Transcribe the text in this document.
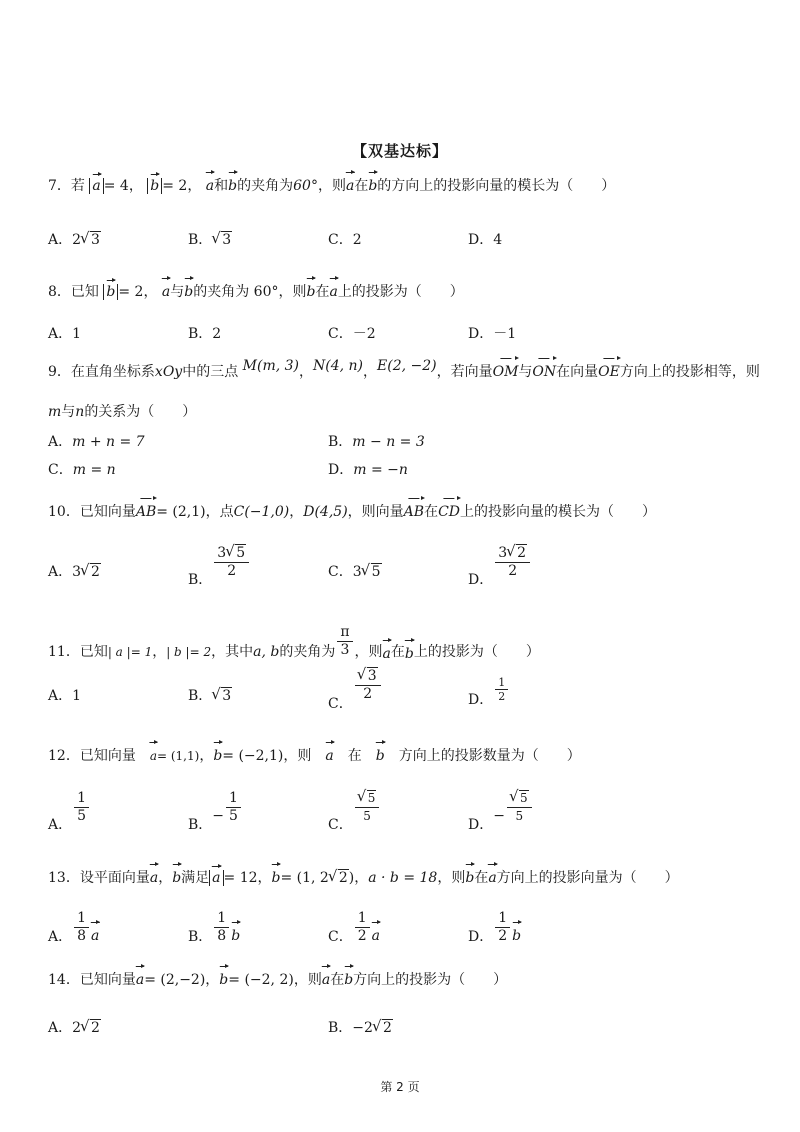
【双基达标】
7．若 a = 4， b = 2， a和b的夹角为60°，则a在b的方向上的投影向量的模长为（　　）
A．2 √ 3	B． √ 3	C．2	D．4
8．已知 b = 2， a与b的夹角为 60°，则b在a上的投影为（　　）
A．1	B．2	C．－2	D．－1
9．在直角坐标系xOy中的三点 M(m, 3)，N(4, n)，E(2, −2)，若向量OM与ON在向量OE方向上的投影相等，则
m与n的关系为（　　）
A．m + n = 7	B．m − n = 3
C．m = n	D．m = −n
10．已知向量AB= (2,1)，点C(−1,0)，D(4,5)，则向量AB在CD上的投影向量的模长为（　　）
A．3 √ 2	B． $\frac{3 √ 5}{2}$	C．3 √ 5	D． $\frac{3 √ 2}{2}$
11．已知| a |= 1，| b |= 2，其中a, b的夹角为 $\frac{\pi}{3}$ ，则a在b上的投影为（　　）
A．1	B． √ 3	C．
√ $\frac{3}{2}$	D． $\frac{1}{2}$
12．已知向量　 a= (1,1)，b= (−2,1)，则　 a　 在　 b　 方向上的投影数量为（　　）
A． $\frac{1}{5}$	B．− $\frac{1}{5}$	C． √ $\frac{5}{5}$	D．− √ $\frac{5}{5}$
13．设平面向量a，b满足 a = 12，b= (1, 2 √ 2)，a · b = 18，则b在a方向上的投影向量为（　　）
A． $\frac{1}{8}$ a	B． $\frac{1}{8}$ b	C． $\frac{1}{2}$ a	D． $\frac{1}{2}$ b
14．已知向量a= (2,−2)，b= (−2, 2)，则a在b方向上的投影为（　　）
A．2 √ 2	B．−2 √ 2
第 2 页
